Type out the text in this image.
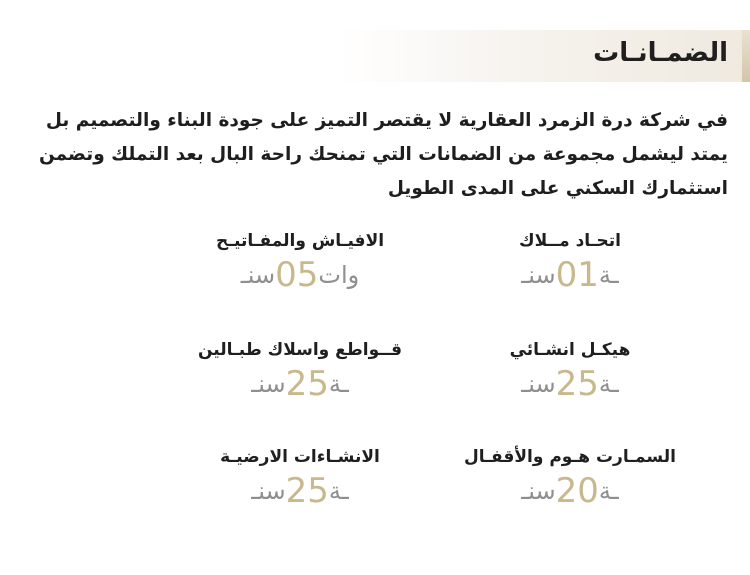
الضمـانـات

في شركة درة الزمرد العقارية لا يقتصر التميز على جودة البناء والتصميم بل يمتد ليشمل مجموعة من الضمانات التي تمنحك راحة البال بعد التملك وتضمن استثمارك السكني على المدى الطويل

اتحـاد مــلاك
ـة01سنـ
الافيـاش والمفـاتيـح
وات05سنـ
هيكـل انشـائي
ـة25سنـ
قــواطع واسلاك طبـالين
ـة25سنـ
السمـارت هـوم والأقفـال
ـة20سنـ
الانشـاءات الارضيـة
ـة25سنـ
